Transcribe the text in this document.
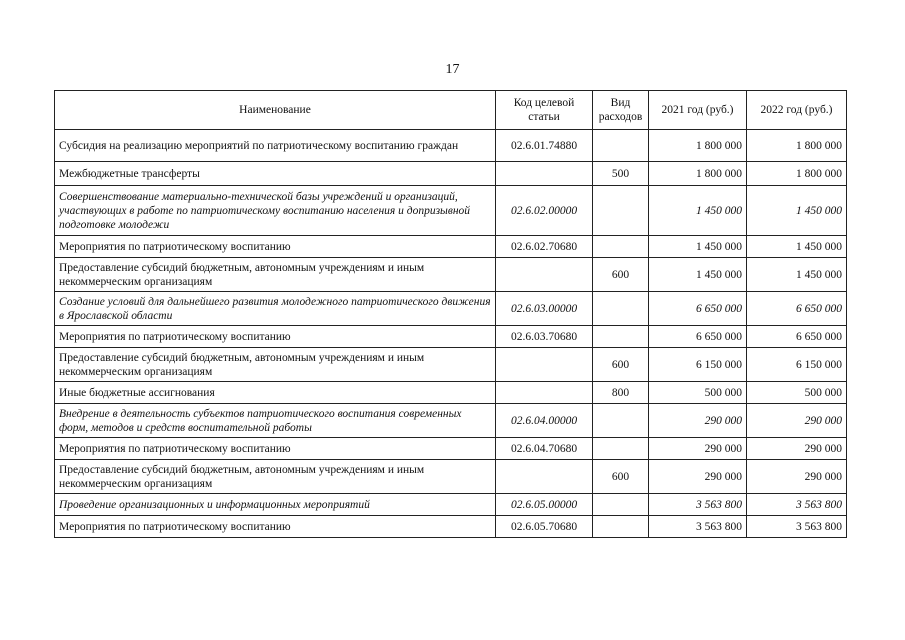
17
Наименование	Код целевой статьи	Вид расходов	2021 год (руб.)	2022 год (руб.)
Субсидия на реализацию мероприятий по патриотическому воспитанию граждан	02.6.01.74880		1 800 000	1 800 000
Межбюджетные трансферты		500	1 800 000	1 800 000
Совершенствование материально-технической базы учреждений и организаций, участвующих в работе по патриотическому воспитанию населения и допризывной подготовке молодежи	02.6.02.00000		1 450 000	1 450 000
Мероприятия по патриотическому воспитанию	02.6.02.70680		1 450 000	1 450 000
Предоставление субсидий бюджетным, автономным учреждениям и иным некоммерческим организациям		600	1 450 000	1 450 000
Создание условий для дальнейшего развития молодежного патриотического движения в Ярославской области	02.6.03.00000		6 650 000	6 650 000
Мероприятия по патриотическому воспитанию	02.6.03.70680		6 650 000	6 650 000
Предоставление субсидий бюджетным, автономным учреждениям и иным некоммерческим организациям		600	6 150 000	6 150 000
Иные бюджетные ассигнования		800	500 000	500 000
Внедрение в деятельность субъектов патриотического воспитания современных форм, методов и средств воспитательной работы	02.6.04.00000		290 000	290 000
Мероприятия по патриотическому воспитанию	02.6.04.70680		290 000	290 000
Предоставление субсидий бюджетным, автономным учреждениям и иным некоммерческим организациям		600	290 000	290 000
Проведение организационных и информационных мероприятий	02.6.05.00000		3 563 800	3 563 800
Мероприятия по патриотическому воспитанию	02.6.05.70680		3 563 800	3 563 800
